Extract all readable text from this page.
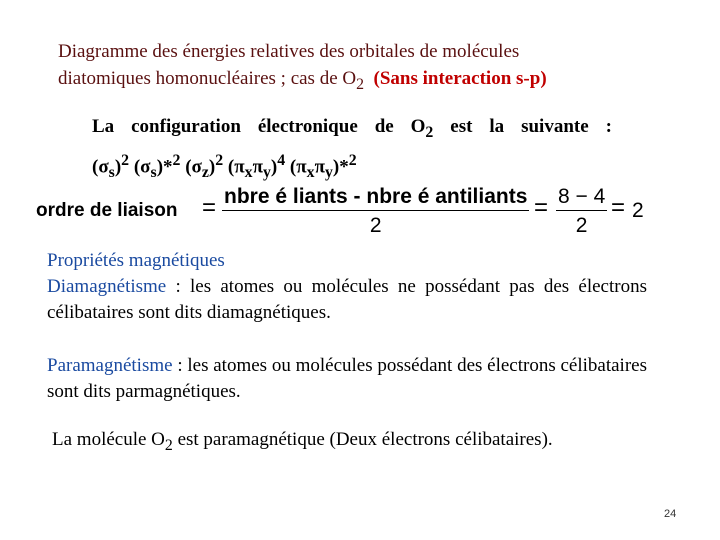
Diagramme des énergies relatives des orbitales de molécules
diatomiques homonucléaires ; cas de $O_2$ (Sans interaction s-p)
La configuration électronique de $O_2$ est la suivante :
$(\sigma_s)^2$ $(\sigma_s)*^2$ $(\sigma_z)^2$ $(\pi_x\pi_y)^4$ $(\pi_x\pi_y)*^2$
ordre de liaison = nbre é liants - nbre é antiliants
2
= $\frac{8 - 4}{2} = 2$
Propriétés magnétiques
Diamagnétisme : les atomes ou molécules ne possédant pas des électrons célibataires sont dits diamagnétiques.
Paramagnétisme : les atomes ou molécules possédant des électrons célibataires sont dits parmagnétiques.
La molécule $O_2$ est paramagnétique (Deux électrons célibataires).
24
